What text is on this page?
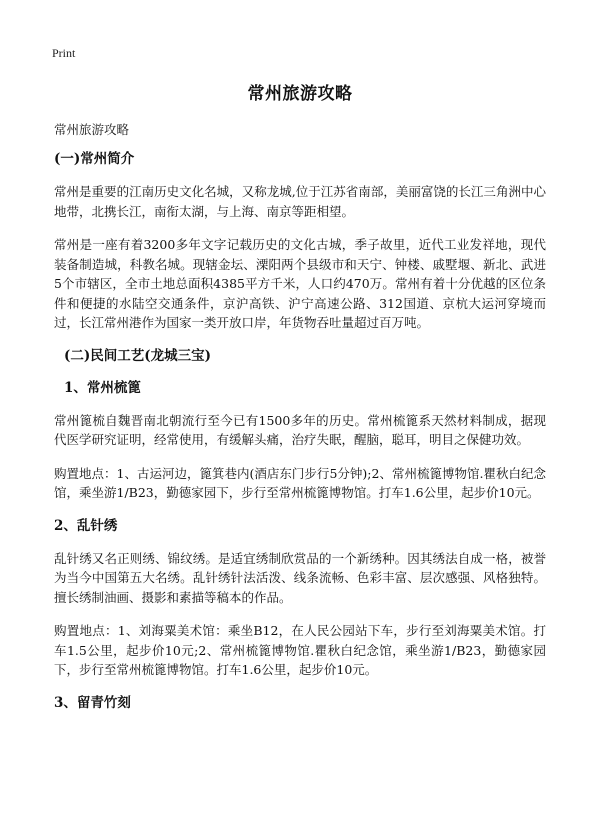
Print
常州旅游攻略
常州旅游攻略
(一)常州简介
常州是重要的江南历史文化名城，又称龙城,位于江苏省南部，美丽富饶的长江三角洲中心地带，北携长江，南衔太湖，与上海、南京等距相望。
常州是一座有着3200多年文字记载历史的文化古城，季子故里，近代工业发祥地，现代装备制造城，科教名城。现辖金坛、溧阳两个县级市和天宁、钟楼、戚墅堰、新北、武进5个市辖区，全市土地总面积4385平方千米，人口约470万。常州有着十分优越的区位条件和便捷的水陆空交通条件，京沪高铁、沪宁高速公路、312国道、京杭大运河穿境而过，长江常州港作为国家一类开放口岸，年货物吞吐量超过百万吨。
(二)民间工艺(龙城三宝)
1、常州梳篦
常州篦梳自魏晋南北朝流行至今已有1500多年的历史。常州梳篦系天然材料制成，据现代医学研究证明，经常使用，有缓解头痛，治疗失眠，醒脑，聪耳，明目之保健功效。
购置地点：1、古运河边，篦箕巷内(酒店东门步行5分钟);2、常州梳篦博物馆.瞿秋白纪念馆，乘坐游1/B23，勤德家园下，步行至常州梳篦博物馆。打车1.6公里，起步价10元。
2、乱针绣
乱针绣又名正则绣、锦纹绣。是适宜绣制欣赏品的一个新绣种。因其绣法自成一格，被誉为当今中国第五大名绣。乱针绣针法活泼、线条流畅、色彩丰富、层次感强、风格独特。擅长绣制油画、摄影和素描等稿本的作品。
购置地点：1、刘海粟美术馆：乘坐B12，在人民公园站下车，步行至刘海粟美术馆。打车1.5公里，起步价10元;2、常州梳篦博物馆.瞿秋白纪念馆，乘坐游1/B23，勤德家园下，步行至常州梳篦博物馆。打车1.6公里，起步价10元。
3、留青竹刻
